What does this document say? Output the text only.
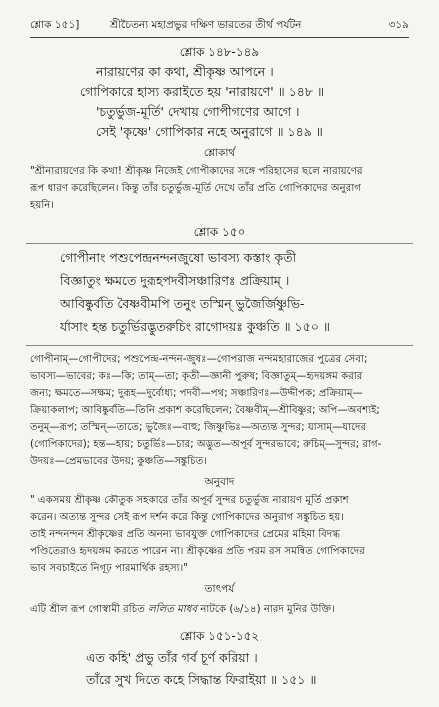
শ্লোক ১৫১]	শ্রীচৈতন্য মহাপ্রভুর দক্ষিণ ভারতের তীর্থ পর্যটন	৩১৯
শ্লোক ১৪৮-১৪৯
নারায়ণের কা কথা, শ্রীকৃষ্ণ আপনে ।
গোপিকারে হাস্য করাইতে হয় 'নারায়ণে' ॥ ১৪৮ ॥
'চতুর্ভুজ-মূর্তি' দেখায় গোপীগণের আগে ।
সেই 'কৃষ্ণে' গোপিকার নহে অনুরাগে ॥ ১৪৯ ॥
শ্লোকার্থ
"শ্রীনারায়ণের কি কথা! শ্রীকৃষ্ণ নিজেই গোপীকাদের সঙ্গে পরিহাসের ছলে নারায়ণের
রূপ ধারণ করেছিলেন। কিন্তু তাঁর চতুর্ভুজ-মূর্তি দেখে তাঁর প্রতি গোপিকাদের অনুরাগ
হয়নি।
শ্লোক ১৫০
গোপীনাং পশুপেন্দ্রনন্দনজুষো ভাবস্য কস্তাং কৃতী
বিজ্ঞাতুং ক্ষমতে দুরূহপদবীসঞ্চারিণঃ প্রক্রিয়াম্ ।
আবিষ্কুর্বতি বৈষ্ণবীমপি তনুং তস্মিন্ ভুজৈর্জিষ্ণুভি-
র্যাসাং হন্ত চতুর্ভিরদ্ভুতরুচিং রাগোদয়ঃ কুঞ্চতি ॥ ১৫০ ॥
গোপীনাম্—গোপীদের; পশুপেন্দ্র-নন্দন-জুষঃ—গোপরাজ নন্দমহারাজের পুত্রের সেবা;
ভাবস্য—ভাবের; কঃ—কি; তাম্—তা; কৃতী—জ্ঞানী পুরুষ; বিজ্ঞাতুম্—হৃদয়ঙ্গম করার
জন্য; ক্ষমতে—সক্ষম; দুরূহ—দুর্বোধ্য; পদবী—পথ; সঞ্চারিণঃ—উদ্দীপক; প্রক্রিয়াম্—
ক্রিয়াকলাপ; আবিষ্কুর্বতি—তিনি প্রকাশ করেছিলেন; বৈষ্ণবীম্—শ্রীবিষ্ণুর; অপি—অবশ্যই;
তনুম্—রূপ; তস্মিন্—তাতে; ভুজৈঃ—বাহু; জিষ্ণুভিঃ—অত্যন্ত সুন্দর; যাসাম্—যাদের
(গোপিকাদের); হন্ত—হায়; চতুর্ভিঃ—চার; অদ্ভুত—অপূর্ব সুন্দরভাবে; রুচিম্—সুন্দর; রাগ-
উদয়ঃ—প্রেমভাবের উদয়; কুঞ্চতি—সঙ্কুচিত।
অনুবাদ
" একসময় শ্রীকৃষ্ণ কৌতুক সহকারে তাঁর অপূর্ব সুন্দর চতুর্ভুজ নারায়ণ মূর্তি প্রকাশ
করেন। অত্যন্ত সুন্দর সেই রূপ দর্শন করে কিন্তু গোপিকাদের অনুরাগ সঙ্কুচিত হয়।
তাই নন্দনন্দন শ্রীকৃষ্ণের প্রতি অনন্য ভাবযুক্ত গোপিকাদের প্রেমের মহিমা বিদগ্ধ
পণ্ডিতেরাও হৃদয়ঙ্গম করতে পারেন না। শ্রীকৃষ্ণের প্রতি পরম রস সমন্বিত গোপিকাদের
ভাব সবচাইতে নিগূঢ় পারমার্থিক রহস্য।"
তাৎপর্য
এটি শ্রীল রূপ গোস্বামী রচিত ললিত মাধব নাটকে (৬/১৪) নারদ মুনির উক্তি।
শ্লোক ১৫১-১৫২
এত কহি' প্রভু তাঁর গর্ব চূর্ণ করিয়া ।
তাঁরে সুখ দিতে কহে সিদ্ধান্ত ফিরাইয়া ॥ ১৫১ ॥
